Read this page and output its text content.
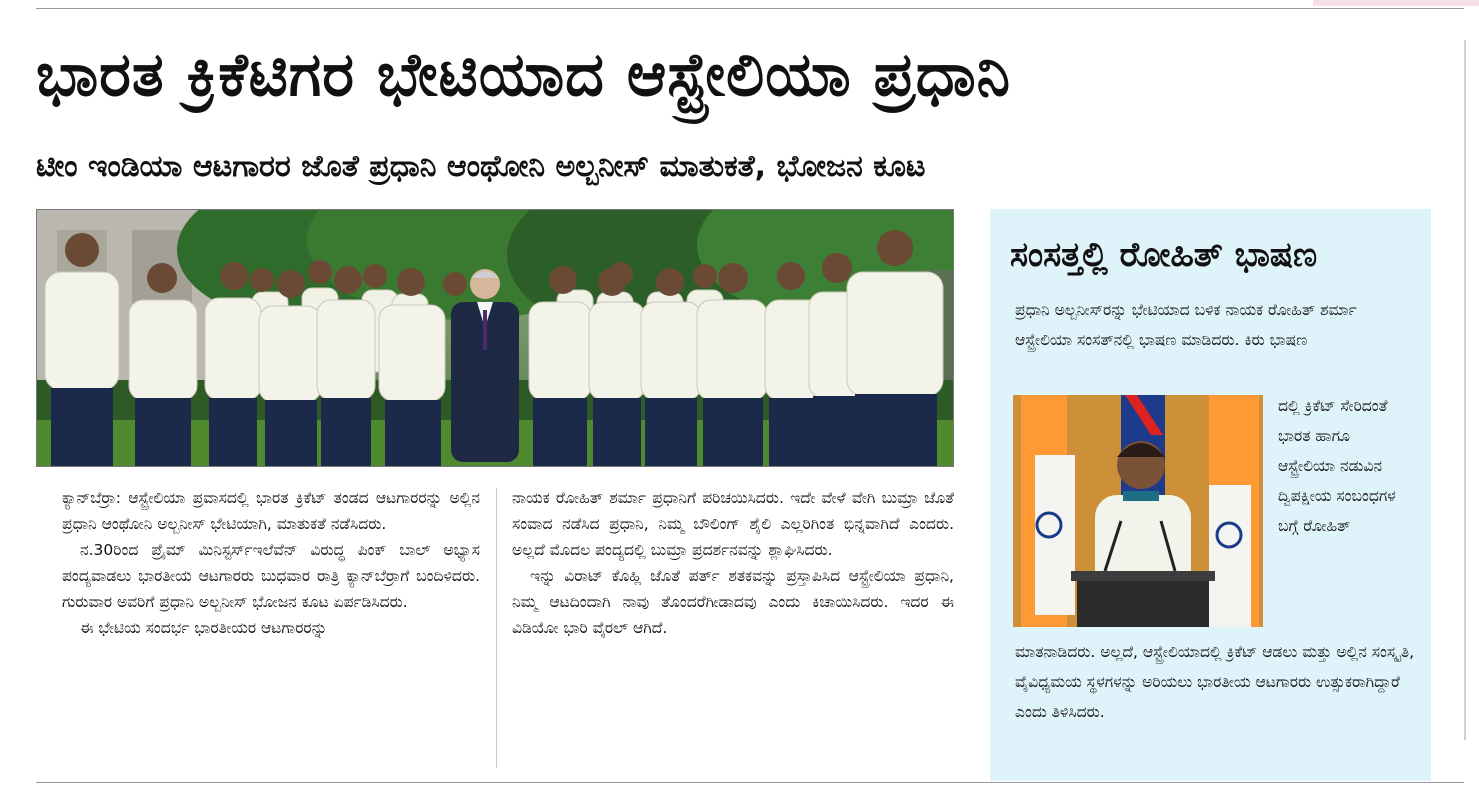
ಭಾರತ ಕ್ರಿಕೆಟಿಗರ ಭೇಟಿಯಾದ ಆಸ್ಟ್ರೇಲಿಯಾ ಪ್ರಧಾನಿ
ಟೀಂ ಇಂಡಿಯಾ ಆಟಗಾರರ ಜೊತೆ ಪ್ರಧಾನಿ ಆಂಥೋನಿ ಅಲ್ಬನೀಸ್ ಮಾತುಕತೆ, ಭೋಜನ ಕೂಟ

ಕ್ಯಾನ್‌ಬೆರ್ರಾ: ಆಸ್ಟ್ರೇಲಿಯಾ ಪ್ರವಾಸದಲ್ಲಿ ಭಾರತ ಕ್ರಿಕೆಟ್ ತಂಡದ ಆಟಗಾರರನ್ನು ಅಲ್ಲಿನ ಪ್ರಧಾನಿ ಆಂಥೋನಿ ಅಲ್ಬನೀಸ್ ಭೇಟಿಯಾಗಿ, ಮಾತುಕತೆ ನಡೆಸಿದರು.

ನ.30ರಿಂದ ಪ್ರೈಮ್ ಮಿನಿಸ್ಟರ್ಸ್‌ಇಲೆವೆನ್ ವಿರುದ್ಧ ಪಿಂಕ್ ಬಾಲ್ ಅಭ್ಯಾಸ ಪಂದ್ಯವಾಡಲು ಭಾರತೀಯ ಆಟಗಾರರು ಬುಧವಾರ ರಾತ್ರಿ ಕ್ಯಾನ್‌ಬೆರ್ರಾಗೆ ಬಂದಿಳಿದರು. ಗುರುವಾರ ಅವರಿಗೆ ಪ್ರಧಾನಿ ಅಲ್ಬನೀಸ್ ಭೋಜನ ಕೂಟ ಏರ್ಪಡಿಸಿದರು.

ಈ ಭೇಟಿಯ ಸಂದರ್ಭ ಭಾರತೀಯರ ಆಟಗಾರರನ್ನು

ನಾಯಕ ರೋಹಿತ್ ಶರ್ಮಾ ಪ್ರಧಾನಿಗೆ ಪರಿಚಯಿಸಿದರು. ಇದೇ ವೇಳೆ ವೇಗಿ ಬುಮ್ರಾ ಜೊತೆ ಸಂವಾದ ನಡೆಸಿದ ಪ್ರಧಾನಿ, ನಿಮ್ಮ ಬೌಲಿಂಗ್ ಶೈಲಿ ಎಲ್ಲರಿಗಿಂತ ಭಿನ್ನವಾಗಿದೆ ಎಂದರು. ಅಲ್ಲದೆ ಮೊದಲ ಪಂದ್ಯದಲ್ಲಿ ಬುಮ್ರಾ ಪ್ರದರ್ಶನವನ್ನು ಶ್ಲಾಘಿಸಿದರು.

ಇನ್ನು ವಿರಾಟ್ ಕೊಹ್ಲಿ ಜೊತೆ ಪರ್ತ್ ಶತಕವನ್ನು ಪ್ರಸ್ತಾಪಿಸಿದ ಆಸ್ಟ್ರೇಲಿಯಾ ಪ್ರಧಾನಿ, ನಿಮ್ಮ ಆಟದಿಂದಾಗಿ ನಾವು ತೊಂದರೆಗೀಡಾದವು ಎಂದು ಕಿಚಾಯಿಸಿದರು. ಇದರ ಈ ವಿಡಿಯೋ ಭಾರಿ ವೈರಲ್ ಆಗಿದೆ.

ಸಂಸತ್ತಲ್ಲಿ ರೋಹಿತ್ ಭಾಷಣ

ಪ್ರಧಾನಿ ಅಲ್ಬನೀಸ್‌ರನ್ನು ಭೇಟಿಯಾದ ಬಳಿಕ ನಾಯಕ ರೋಹಿತ್ ಶರ್ಮಾ ಆಸ್ಟ್ರೇಲಿಯಾ ಸಂಸತ್‌ನಲ್ಲಿ ಭಾಷಣ ಮಾಡಿದರು. ಕಿರು ಭಾಷಣ

ದಲ್ಲಿ ಕ್ರಿಕೆಟ್ ಸೇರಿದಂತೆ ಭಾರತ ಹಾಗೂ ಆಸ್ಟ್ರೇಲಿಯಾ ನಡುವಿನ ದ್ವಿಪಕ್ಷೀಯ ಸಂಬಂಧಗಳ ಬಗ್ಗೆ ರೋಹಿತ್

ಮಾತನಾಡಿದರು. ಅಲ್ಲದೆ, ಆಸ್ಟ್ರೇಲಿಯಾದಲ್ಲಿ ಕ್ರಿಕೆಟ್ ಆಡಲು ಮತ್ತು ಅಲ್ಲಿನ ಸಂಸ್ಕೃತಿ, ವೈವಿಧ್ಯಮಯ ಸ್ಥಳಗಳನ್ನು ಅರಿಯಲು ಭಾರತೀಯ ಆಟಗಾರರು ಉತ್ಸುಕರಾಗಿದ್ದಾರೆ ಎಂದು ತಿಳಿಸಿದರು.
